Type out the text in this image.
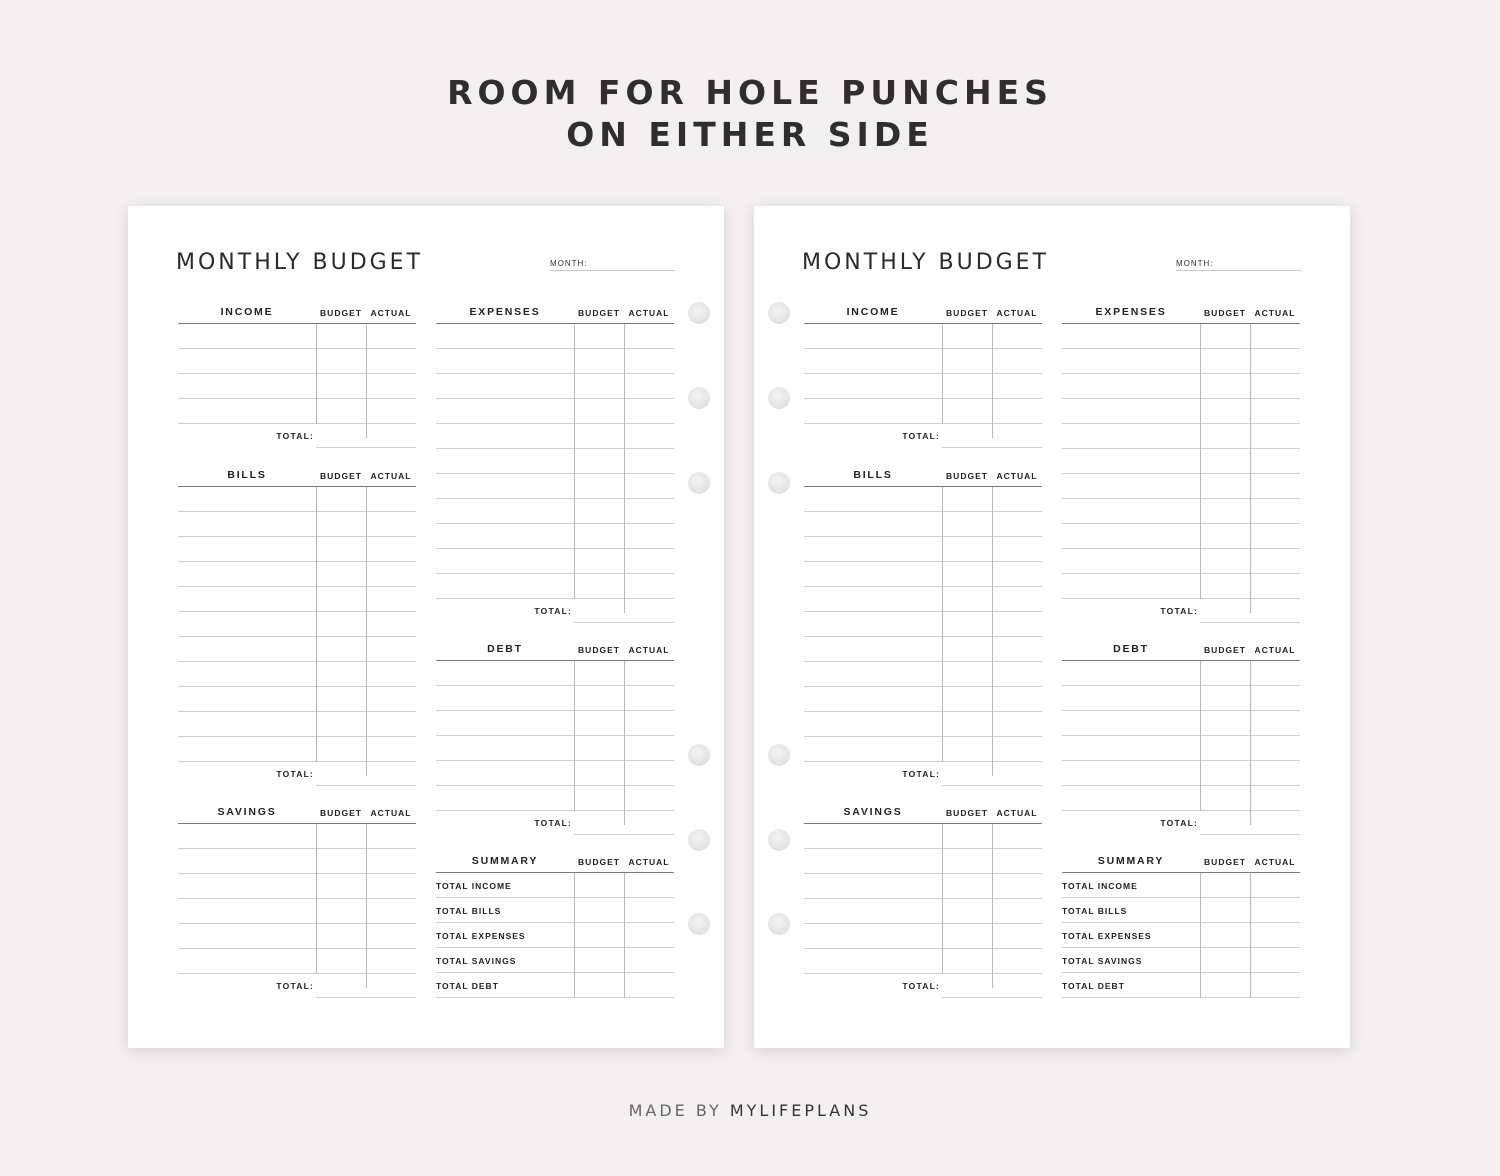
ROOM FOR HOLE PUNCHES
ON EITHER SIDE
MONTHLY BUDGET	MONTH:
INCOME	BUDGET	ACTUAL
TOTAL:
BILLS	BUDGET	ACTUAL
TOTAL:
SAVINGS	BUDGET	ACTUAL
TOTAL:
EXPENSES	BUDGET	ACTUAL
TOTAL:
DEBT	BUDGET	ACTUAL
TOTAL:
SUMMARY	BUDGET	ACTUAL
TOTAL INCOME
TOTAL BILLS
TOTAL EXPENSES
TOTAL SAVINGS
TOTAL DEBT
MONTHLY BUDGET	MONTH:
INCOME	BUDGET	ACTUAL
TOTAL:
BILLS	BUDGET	ACTUAL
TOTAL:
SAVINGS	BUDGET	ACTUAL
TOTAL:
EXPENSES	BUDGET	ACTUAL
TOTAL:
DEBT	BUDGET	ACTUAL
TOTAL:
SUMMARY	BUDGET	ACTUAL
TOTAL INCOME
TOTAL BILLS
TOTAL EXPENSES
TOTAL SAVINGS
TOTAL DEBT
MADE BY MYLIFEPLANS
